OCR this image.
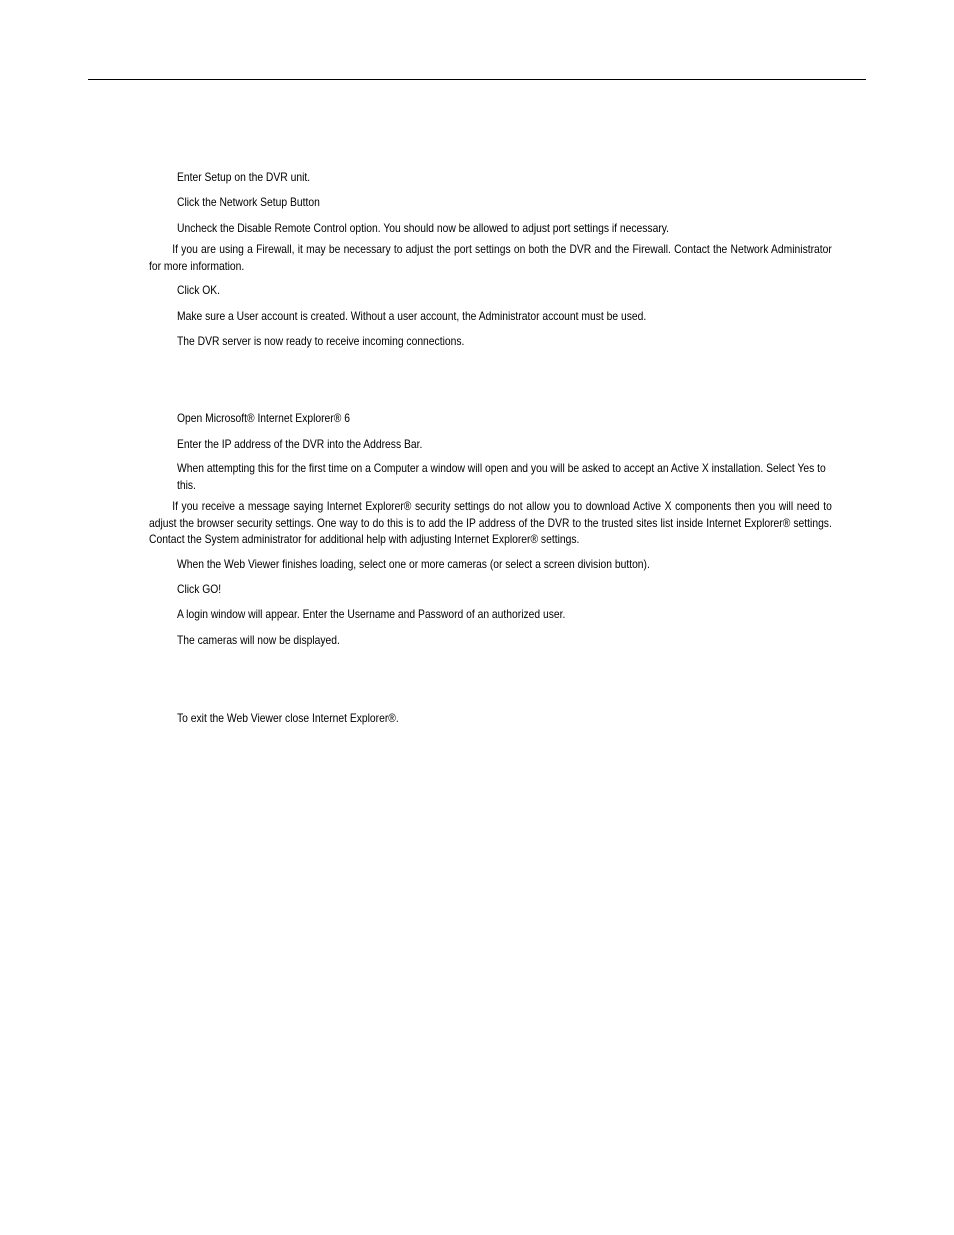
Enter Setup on the DVR unit.
Click the Network Setup Button
Uncheck the Disable Remote Control option. You should now be allowed to adjust port settings if necessary.
If you are using a Firewall, it may be necessary to adjust the port settings on both the DVR and the Firewall. Contact the Network Administrator for more information.
Click OK.
Make sure a User account is created. Without a user account, the Administrator account must be used.
The DVR server is now ready to receive incoming connections.
Open Microsoft® Internet Explorer® 6
Enter the IP address of the DVR into the Address Bar.
When attempting this for the first time on a Computer a window will open and you will be asked to accept an Active X installation. Select Yes to this.
If you receive a message saying Internet Explorer® security settings do not allow you to download Active X components then you will need to adjust the browser security settings. One way to do this is to add the IP address of the DVR to the trusted sites list inside Internet Explorer® settings. Contact the System administrator for additional help with adjusting Internet Explorer® settings.
When the Web Viewer finishes loading, select one or more cameras (or select a screen division button).
Click GO!
A login window will appear. Enter the Username and Password of an authorized user.
The cameras will now be displayed.
To exit the Web Viewer close Internet Explorer®.
